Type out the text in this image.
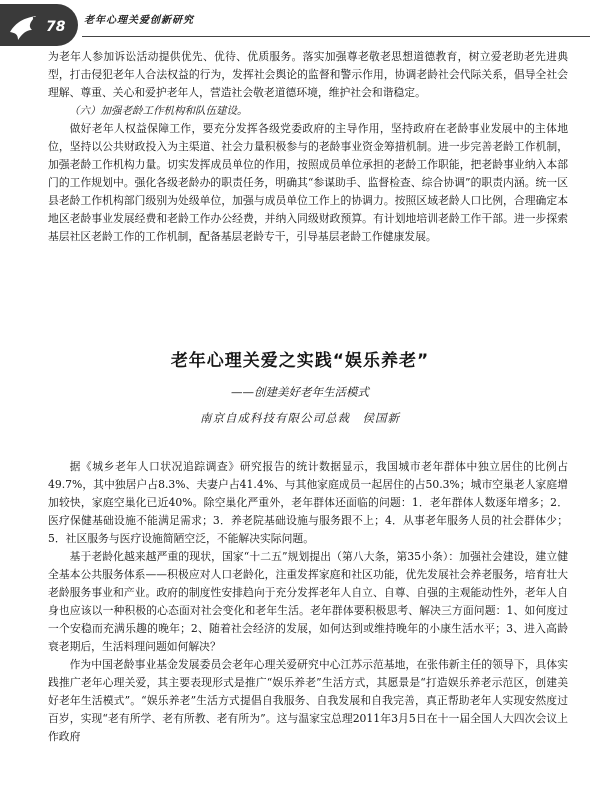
78 老年心理关爱创新研究

为老年人参加诉讼活动提供优先、优待、优质服务。落实加强尊老敬老思想道德教育，树立爱老助老先进典型，打击侵犯老年人合法权益的行为，发挥社会舆论的监督和警示作用，协调老龄社会代际关系，倡导全社会理解、尊重、关心和爱护老年人，营造社会敬老道德环境，维护社会和谐稳定。

（六）加强老龄工作机构和队伍建设。

做好老年人权益保障工作，要充分发挥各级党委政府的主导作用，坚持政府在老龄事业发展中的主体地位，坚持以公共财政投入为主渠道、社会力量积极参与的老龄事业资金筹措机制。进一步完善老龄工作机制，加强老龄工作机构力量。切实发挥成员单位的作用，按照成员单位承担的老龄工作职能，把老龄事业纳入本部门的工作规划中。强化各级老龄办的职责任务，明确其“参谋助手、监督检查、综合协调”的职责内涵。统一区县老龄工作机构部门级别为处级单位，加强与成员单位工作上的协调力。按照区域老龄人口比例，合理确定本地区老龄事业发展经费和老龄工作办公经费，并纳入同级财政预算。有计划地培训老龄工作干部。进一步探索基层社区老龄工作的工作机制，配备基层老龄专干，引导基层老龄工作健康发展。

老年心理关爱之实践“娱乐养老”
——创建美好老年生活模式
南京自成科技有限公司总裁　侯国新

据《城乡老年人口状况追踪调查》研究报告的统计数据显示，我国城市老年群体中独立居住的比例占49.7%，其中独居户占8.3%、夫妻户占41.4%、与其他家庭成员一起居住的占50.3%；城市空巢老人家庭增加较快，家庭空巢化已近40%。除空巢化严重外，老年群体还面临的问题：1．老年群体人数逐年增多；2．医疗保健基础设施不能满足需求；3．养老院基础设施与服务跟不上；4．从事老年服务人员的社会群体少；5．社区服务与医疗设施简陋空泛，不能解决实际问题。

基于老龄化越来越严重的现状，国家“十二五”规划提出（第八大条，第35小条）：加强社会建设，建立健全基本公共服务体系——积极应对人口老龄化，注重发挥家庭和社区功能，优先发展社会养老服务，培育壮大老龄服务事业和产业。政府的制度性安排趋向于充分发挥老年人自立、自尊、自强的主观能动性外，老年人自身也应该以一种积极的心态面对社会变化和老年生活。老年群体要积极思考、解决三方面问题：1、如何度过一个安稳而充满乐趣的晚年；2、随着社会经济的发展，如何达到或维持晚年的小康生活水平；3、进入高龄衰老期后，生活料理问题如何解决？

作为中国老龄事业基金发展委员会老年心理关爱研究中心江苏示范基地，在张伟新主任的领导下，具体实践推广老年心理关爱，其主要表现形式是推广“娱乐养老”生活方式，其愿景是“打造娱乐养老示范区，创建美好老年生活模式”。“娱乐养老”生活方式提倡自我服务、自我发展和自我完善，真正帮助老年人实现安然度过百岁，实现“老有所学、老有所教、老有所为”。这与温家宝总理2011年3月5日在十一届全国人大四次会议上作政府
